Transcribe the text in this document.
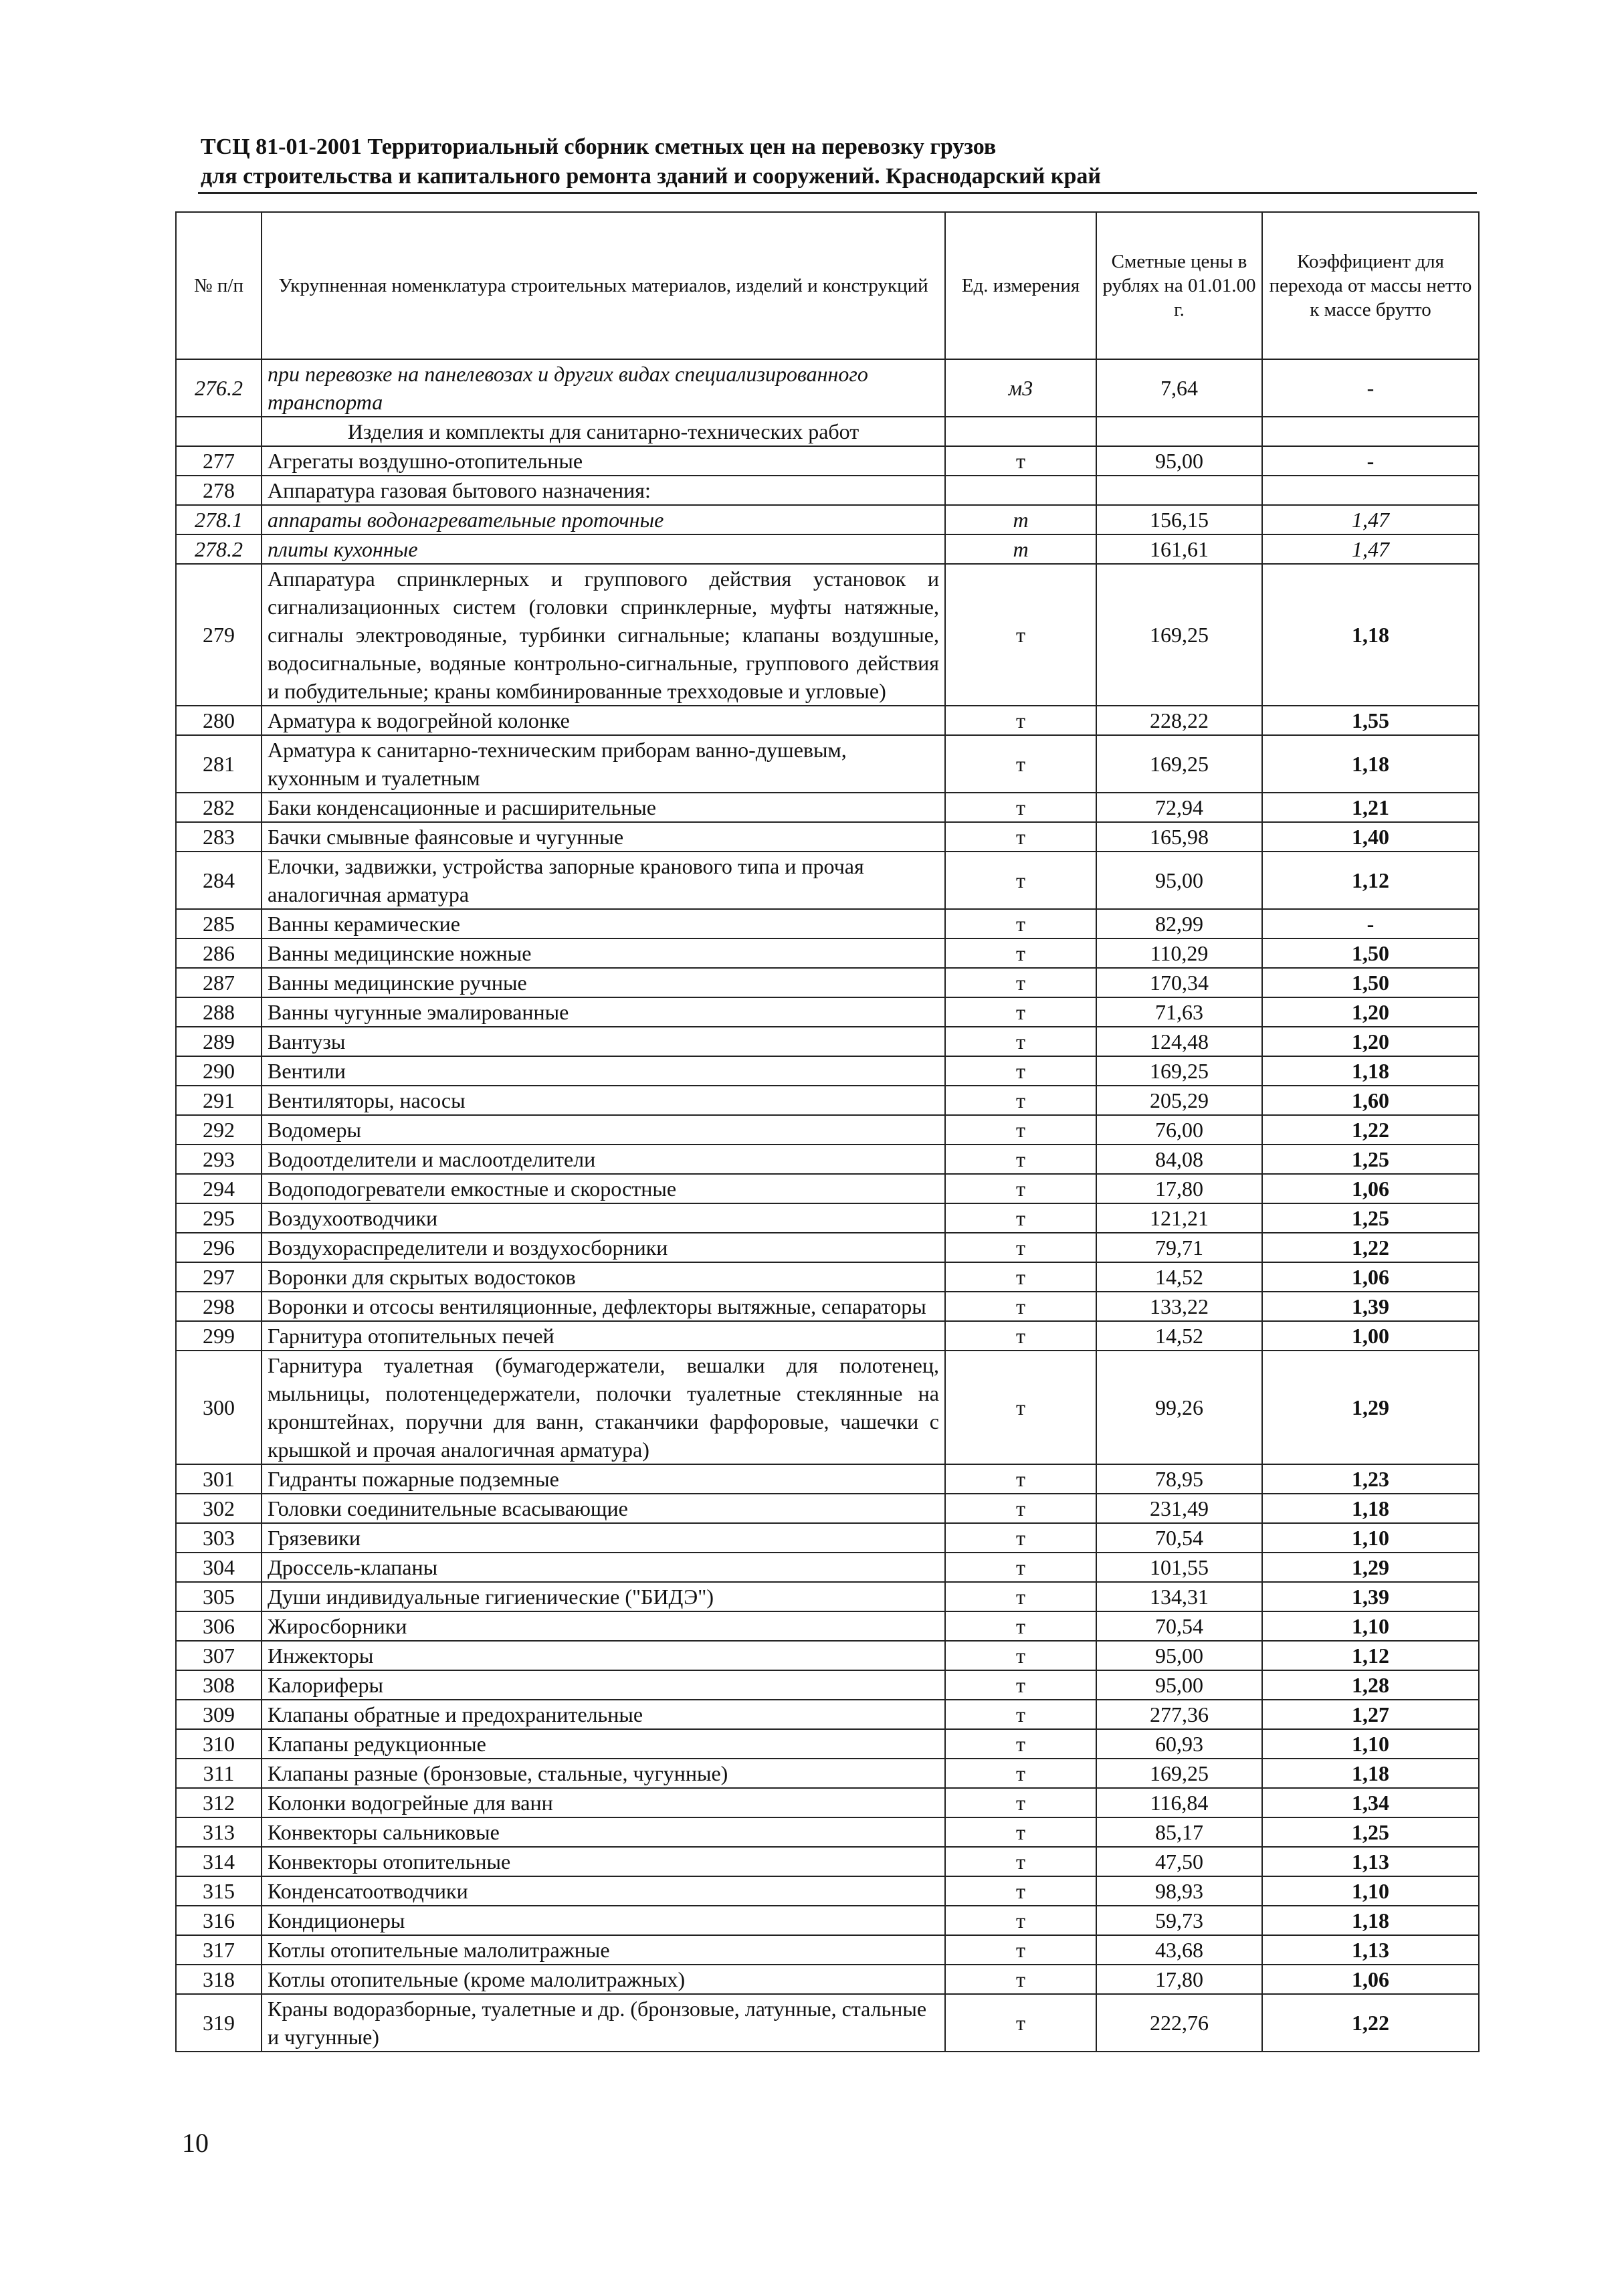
ТСЦ 81-01-2001 Территориальный сборник сметных цен на перевозку грузов
для строительства и капитального ремонта зданий и сооружений. Краснодарский край
№ п/п	Укрупненная номенклатура строительных материалов, изделий и конструкций	Ед. измерения	Сметные цены в рублях на 01.01.00 г.	Коэффициент для перехода от массы нетто к массе брутто
276.2	при перевозке на панелевозах и других видах специализированного транспорта	м3	7,64	-
	Изделия и комплекты для санитарно-технических работ			
277	Агрегаты воздушно-отопительные	т	95,00	-
278	Аппаратура газовая бытового назначения:			
278.1	аппараты водонагревательные проточные	т	156,15	1,47
278.2	плиты кухонные	т	161,61	1,47
279	Аппаратура спринклерных и группового действия установок и сигнализационных систем (головки спринклерные, муфты натяжные, сигналы электроводяные, турбинки сигнальные; клапаны воздушные, водосигнальные, водяные контрольно-сигнальные, группового действия и побудительные; краны комбинированные трехходовые и угловые)	т	169,25	1,18
280	Арматура к водогрейной колонке	т	228,22	1,55
281	Арматура к санитарно-техническим приборам ванно-душевым, кухонным и туалетным	т	169,25	1,18
282	Баки конденсационные и расширительные	т	72,94	1,21
283	Бачки смывные фаянсовые и чугунные	т	165,98	1,40
284	Елочки, задвижки, устройства запорные кранового типа и прочая аналогичная арматура	т	95,00	1,12
285	Ванны керамические	т	82,99	-
286	Ванны медицинские ножные	т	110,29	1,50
287	Ванны медицинские ручные	т	170,34	1,50
288	Ванны чугунные эмалированные	т	71,63	1,20
289	Вантузы	т	124,48	1,20
290	Вентили	т	169,25	1,18
291	Вентиляторы, насосы	т	205,29	1,60
292	Водомеры	т	76,00	1,22
293	Водоотделители и маслоотделители	т	84,08	1,25
294	Водоподогреватели емкостные и скоростные	т	17,80	1,06
295	Воздухоотводчики	т	121,21	1,25
296	Воздухораспределители и воздухосборники	т	79,71	1,22
297	Воронки для скрытых водостоков	т	14,52	1,06
298	Воронки и отсосы вентиляционные, дефлекторы вытяжные, сепараторы	т	133,22	1,39
299	Гарнитура отопительных печей	т	14,52	1,00
300	Гарнитура туалетная (бумагодержатели, вешалки для полотенец, мыльницы, полотенцедержатели, полочки туалетные стеклянные на кронштейнах, поручни для ванн, стаканчики фарфоровые, чашечки с крышкой и прочая аналогичная арматура)	т	99,26	1,29
301	Гидранты пожарные подземные	т	78,95	1,23
302	Головки соединительные всасывающие	т	231,49	1,18
303	Грязевики	т	70,54	1,10
304	Дроссель-клапаны	т	101,55	1,29
305	Души индивидуальные гигиенические ("БИДЭ")	т	134,31	1,39
306	Жиросборники	т	70,54	1,10
307	Инжекторы	т	95,00	1,12
308	Калориферы	т	95,00	1,28
309	Клапаны обратные и предохранительные	т	277,36	1,27
310	Клапаны редукционные	т	60,93	1,10
311	Клапаны разные (бронзовые, стальные, чугунные)	т	169,25	1,18
312	Колонки водогрейные для ванн	т	116,84	1,34
313	Конвекторы сальниковые	т	85,17	1,25
314	Конвекторы отопительные	т	47,50	1,13
315	Конденсатоотводчики	т	98,93	1,10
316	Кондиционеры	т	59,73	1,18
317	Котлы отопительные малолитражные	т	43,68	1,13
318	Котлы отопительные (кроме малолитражных)	т	17,80	1,06
319	Краны водоразборные, туалетные и др. (бронзовые, латунные, стальные и чугунные)	т	222,76	1,22
10
